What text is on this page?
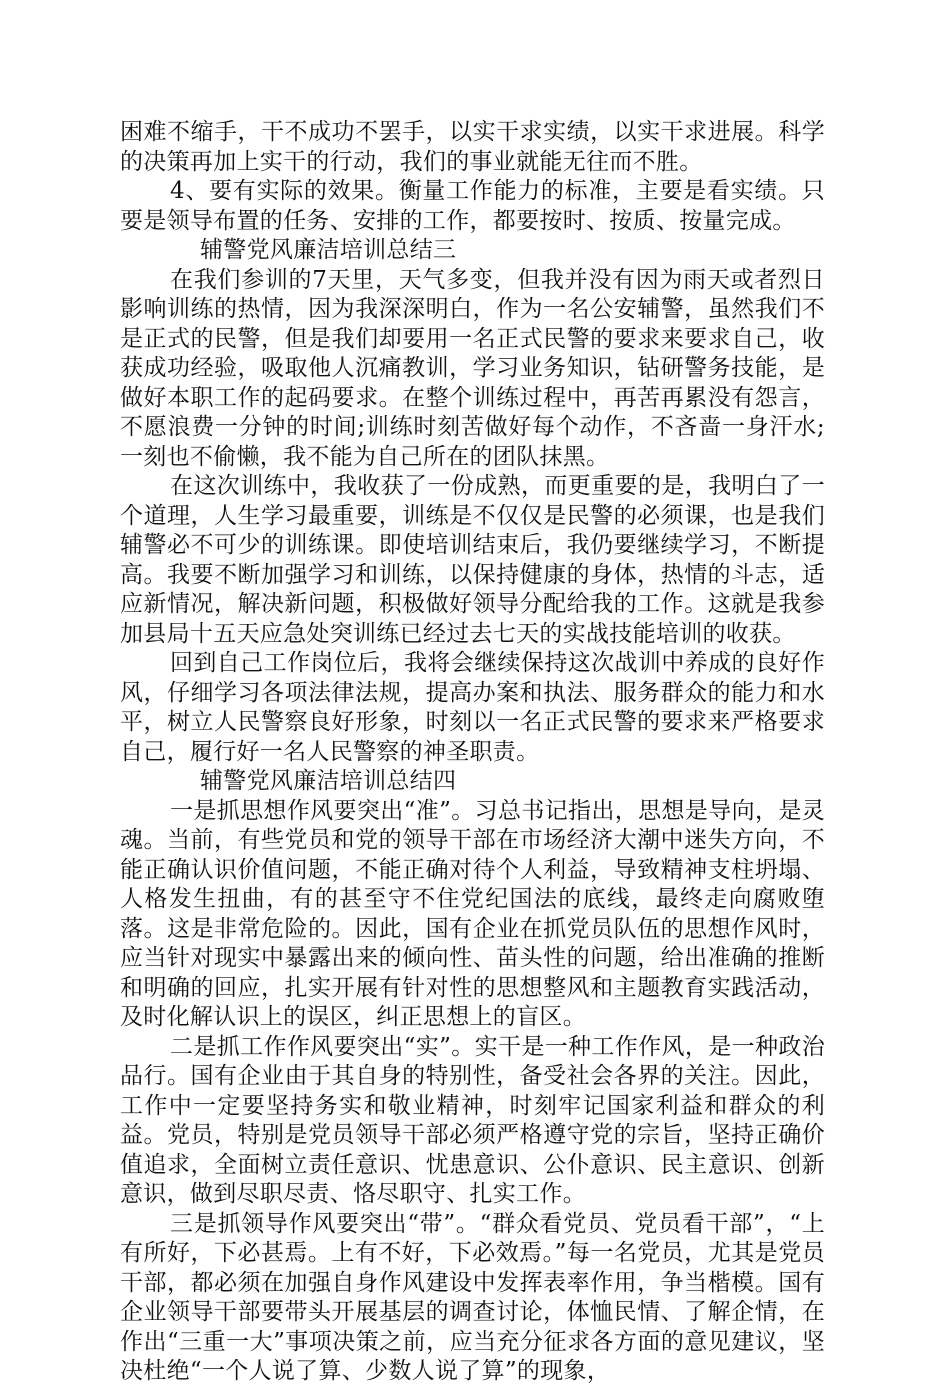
困难不缩手，干不成功不罢手，以实干求实绩，以实干求进展。科学的决策再加上实干的行动，我们的事业就能无往而不胜。

4、要有实际的效果。衡量工作能力的标准，主要是看实绩。只要是领导布置的任务、安排的工作，都要按时、按质、按量完成。

辅警党风廉洁培训总结三

在我们参训的7天里，天气多变，但我并没有因为雨天或者烈日影响训练的热情，因为我深深明白，作为一名公安辅警，虽然我们不是正式的民警，但是我们却要用一名正式民警的要求来要求自己，收获成功经验，吸取他人沉痛教训，学习业务知识，钻研警务技能，是做好本职工作的起码要求。在整个训练过程中，再苦再累没有怨言，不愿浪费一分钟的时间;训练时刻苦做好每个动作，不吝啬一身汗水;一刻也不偷懒，我不能为自己所在的团队抹黑。

在这次训练中，我收获了一份成熟，而更重要的是，我明白了一个道理，人生学习最重要，训练是不仅仅是民警的必须课，也是我们辅警必不可少的训练课。即使培训结束后，我仍要继续学习，不断提高。我要不断加强学习和训练，以保持健康的身体，热情的斗志，适应新情况，解决新问题，积极做好领导分配给我的工作。这就是我参加县局十五天应急处突训练已经过去七天的实战技能培训的收获。

回到自己工作岗位后，我将会继续保持这次战训中养成的良好作风，仔细学习各项法律法规，提高办案和执法、服务群众的能力和水平，树立人民警察良好形象，时刻以一名正式民警的要求来严格要求自己，履行好一名人民警察的神圣职责。

辅警党风廉洁培训总结四

一是抓思想作风要突出“准”。习总书记指出，思想是导向，是灵魂。当前，有些党员和党的领导干部在市场经济大潮中迷失方向，不能正确认识价值问题，不能正确对待个人利益，导致精神支柱坍塌、人格发生扭曲，有的甚至守不住党纪国法的底线，最终走向腐败堕落。这是非常危险的。因此，国有企业在抓党员队伍的思想作风时，应当针对现实中暴露出来的倾向性、苗头性的问题，给出准确的推断和明确的回应，扎实开展有针对性的思想整风和主题教育实践活动，及时化解认识上的误区，纠正思想上的盲区。

二是抓工作作风要突出“实”。实干是一种工作作风，是一种政治品行。国有企业由于其自身的特别性，备受社会各界的关注。因此，工作中一定要坚持务实和敬业精神，时刻牢记国家利益和群众的利益。党员，特别是党员领导干部必须严格遵守党的宗旨，坚持正确价值追求，全面树立责任意识、忧患意识、公仆意识、民主意识、创新意识，做到尽职尽责、恪尽职守、扎实工作。

三是抓领导作风要突出“带”。“群众看党员、党员看干部”，“上有所好，下必甚焉。上有不好，下必效焉。”每一名党员，尤其是党员干部，都必须在加强自身作风建设中发挥表率作用，争当楷模。国有企业领导干部要带头开展基层的调查讨论，体恤民情、了解企情，在作出“三重一大”事项决策之前，应当充分征求各方面的意见建议，坚决杜绝“一个人说了算、少数人说了算”的现象，
